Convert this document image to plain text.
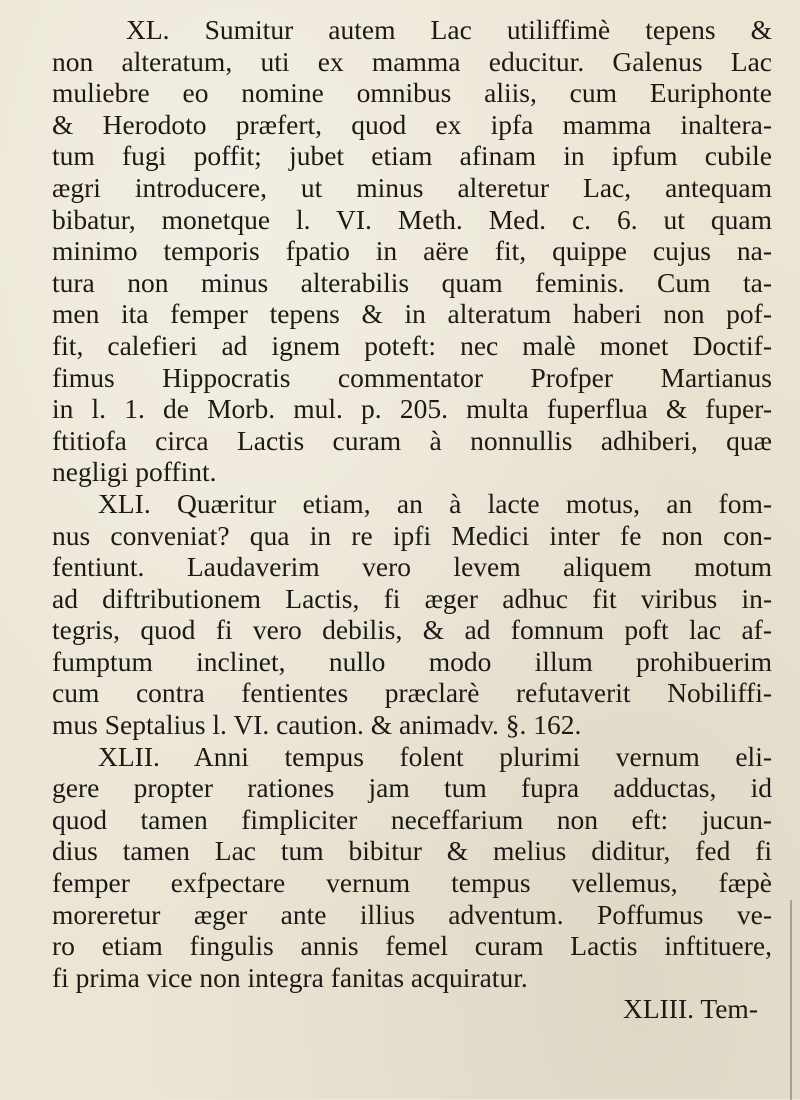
XL. Sumitur autem Lac utiliffimè tepens &
non alteratum, uti ex mamma educitur. Galenus Lac
muliebre eo nomine omnibus aliis, cum Euriphonte
& Herodoto præfert, quod ex ipfa mamma inaltera-
tum fugi poffit; jubet etiam afinam in ipfum cubile
ægri introducere, ut minus alteretur Lac, antequam
bibatur, monetque l. VI. Meth. Med. c. 6. ut quam
minimo temporis fpatio in aëre fit, quippe cujus na-
tura non minus alterabilis quam feminis. Cum ta-
men ita femper tepens & in alteratum haberi non pof-
fit, calefieri ad ignem poteft: nec malè monet Doctif-
fimus Hippocratis commentator Profper Martianus
in l. 1. de Morb. mul. p. 205. multa fuperflua & fuper-
ftitiofa circa Lactis curam à nonnullis adhiberi, quæ
negligi poffint.
XLI. Quæritur etiam, an à lacte motus, an fom-
nus conveniat? qua in re ipfi Medici inter fe non con-
fentiunt. Laudaverim vero levem aliquem motum
ad diftributionem Lactis, fi æger adhuc fit viribus in-
tegris, quod fi vero debilis, & ad fomnum poft lac af-
fumptum inclinet, nullo modo illum prohibuerim
cum contra fentientes præclarè refutaverit Nobiliffi-
mus Septalius l. VI. caution. & animadv. §. 162.
XLII. Anni tempus folent plurimi vernum eli-
gere propter rationes jam tum fupra adductas, id
quod tamen fimpliciter neceffarium non eft: jucun-
dius tamen Lac tum bibitur & melius diditur, fed fi
femper exfpectare vernum tempus vellemus, fæpè
moreretur æger ante illius adventum. Poffumus ve-
ro etiam fingulis annis femel curam Lactis inftituere,
fi prima vice non integra fanitas acquiratur.
XLIII. Tem-
